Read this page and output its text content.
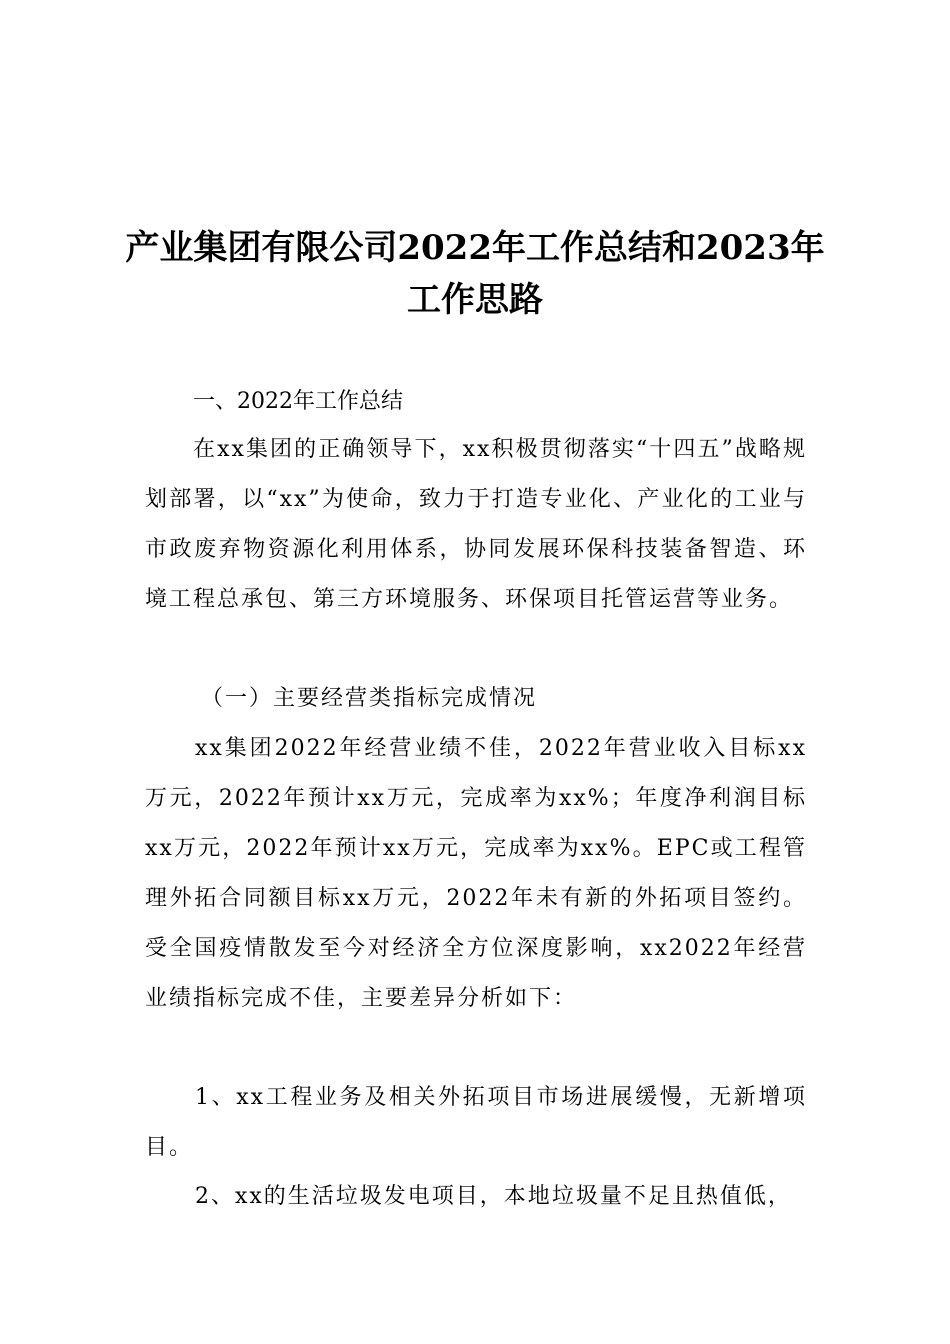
产业集团有限公司2022年工作总结和2023年工作思路
一、2022年工作总结
在xx集团的正确领导下，xx积极贯彻落实“十四五”战略规划部署，以“xx”为使命，致力于打造专业化、产业化的工业与市政废弃物资源化利用体系，协同发展环保科技装备智造、环境工程总承包、第三方环境服务、环保项目托管运营等业务。
（一）主要经营类指标完成情况
xx集团2022年经营业绩不佳，2022年营业收入目标xx万元，2022年预计xx万元，完成率为xx%；年度净利润目标xx万元，2022年预计xx万元，完成率为xx%。EPC或工程管理外拓合同额目标xx万元，2022年未有新的外拓项目签约。受全国疫情散发至今对经济全方位深度影响，xx2022年经营业绩指标完成不佳，主要差异分析如下：
1、xx工程业务及相关外拓项目市场进展缓慢，无新增项目。
2、xx的生活垃圾发电项目，本地垃圾量不足且热值低，
